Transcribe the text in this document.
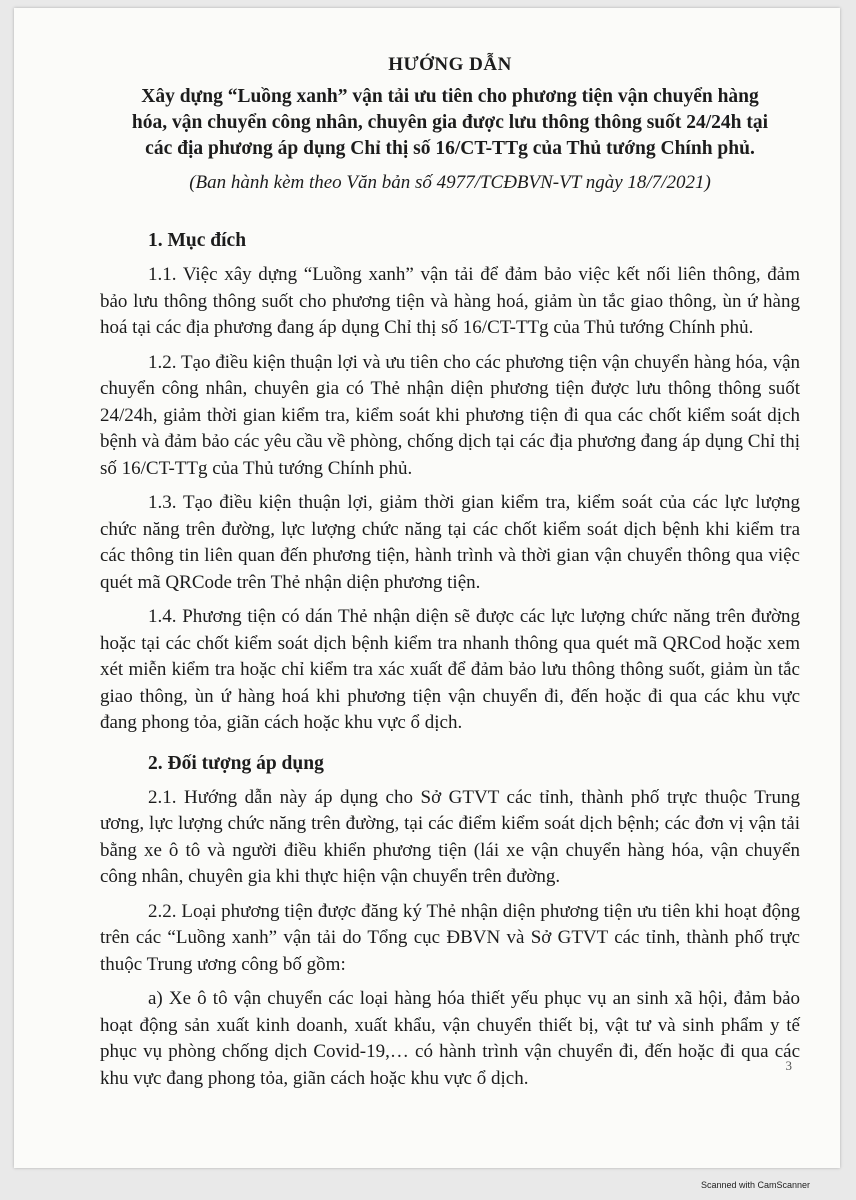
HƯỚNG DẪN

Xây dựng “Luồng xanh” vận tải ưu tiên cho phương tiện vận chuyển hàng

hóa, vận chuyển công nhân, chuyên gia được lưu thông thông suốt 24/24h tại

các địa phương áp dụng Chỉ thị số 16/CT-TTg của Thủ tướng Chính phủ.

(Ban hành kèm theo Văn bản số 4977/TCĐBVN-VT ngày 18/7/2021)

1. Mục đích

1.1. Việc xây dựng “Luồng xanh” vận tải để đảm bảo việc kết nối liên thông, đảm bảo lưu thông thông suốt cho phương tiện và hàng hoá, giảm ùn tắc giao thông, ùn ứ hàng hoá tại các địa phương đang áp dụng Chỉ thị số 16/CT-TTg của Thủ tướng Chính phủ.

1.2. Tạo điều kiện thuận lợi và ưu tiên cho các phương tiện vận chuyển hàng hóa, vận chuyển công nhân, chuyên gia có Thẻ nhận diện phương tiện được lưu thông thông suốt 24/24h, giảm thời gian kiểm tra, kiểm soát khi phương tiện đi qua các chốt kiểm soát dịch bệnh và đảm bảo các yêu cầu về phòng, chống dịch tại các địa phương đang áp dụng Chỉ thị số 16/CT-TTg của Thủ tướng Chính phủ.

1.3. Tạo điều kiện thuận lợi, giảm thời gian kiểm tra, kiểm soát của các lực lượng chức năng trên đường, lực lượng chức năng tại các chốt kiểm soát dịch bệnh khi kiểm tra các thông tin liên quan đến phương tiện, hành trình và thời gian vận chuyển thông qua việc quét mã QRCode trên Thẻ nhận diện phương tiện.

1.4. Phương tiện có dán Thẻ nhận diện sẽ được các lực lượng chức năng trên đường hoặc tại các chốt kiểm soát dịch bệnh kiểm tra nhanh thông qua quét mã QRCod hoặc xem xét miễn kiểm tra hoặc chỉ kiểm tra xác xuất để đảm bảo lưu thông thông suốt, giảm ùn tắc giao thông, ùn ứ hàng hoá khi phương tiện vận chuyển đi, đến hoặc đi qua các khu vực đang phong tỏa, giãn cách hoặc khu vực ổ dịch.

2. Đối tượng áp dụng

2.1. Hướng dẫn này áp dụng cho Sở GTVT các tỉnh, thành phố trực thuộc Trung ương, lực lượng chức năng trên đường, tại các điểm kiểm soát dịch bệnh; các đơn vị vận tải bằng xe ô tô và người điều khiển phương tiện (lái xe vận chuyển hàng hóa, vận chuyển công nhân, chuyên gia khi thực hiện vận chuyển trên đường.

2.2. Loại phương tiện được đăng ký Thẻ nhận diện phương tiện ưu tiên khi hoạt động trên các “Luồng xanh” vận tải do Tổng cục ĐBVN và Sở GTVT các tỉnh, thành phố trực thuộc Trung ương công bố gồm:

a) Xe ô tô vận chuyển các loại hàng hóa thiết yếu phục vụ an sinh xã hội, đảm bảo hoạt động sản xuất kinh doanh, xuất khẩu, vận chuyển thiết bị, vật tư và sinh phẩm y tế phục vụ phòng chống dịch Covid-19,… có hành trình vận chuyển đi, đến hoặc đi qua các khu vực đang phong tỏa, giãn cách hoặc khu vực ổ dịch.

3
Scanned with CamScanner
